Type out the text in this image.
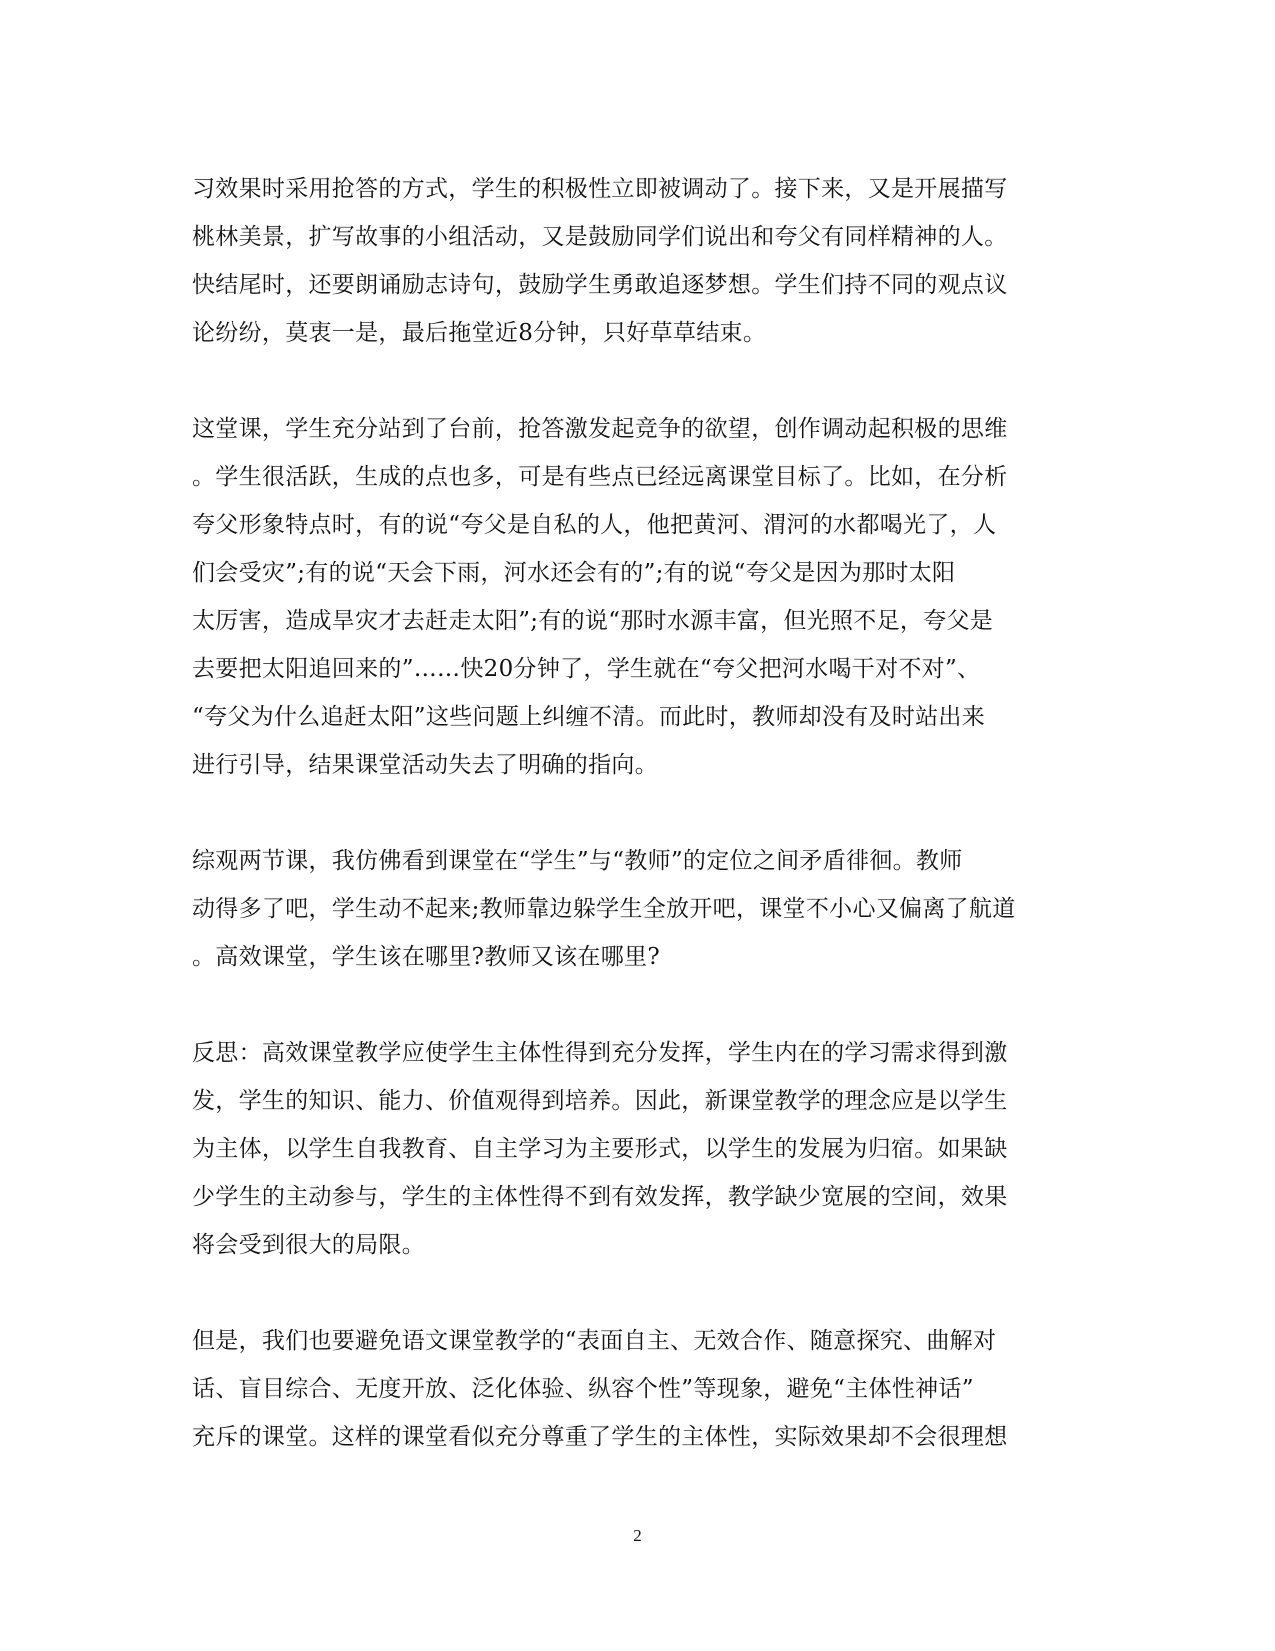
习效果时采用抢答的方式，学生的积极性立即被调动了。接下来，又是开展描写
桃林美景，扩写故事的小组活动，又是鼓励同学们说出和夸父有同样精神的人。
快结尾时，还要朗诵励志诗句，鼓励学生勇敢追逐梦想。学生们持不同的观点议
论纷纷，莫衷一是，最后拖堂近8分钟，只好草草结束。

这堂课，学生充分站到了台前，抢答激发起竞争的欲望，创作调动起积极的思维
。学生很活跃，生成的点也多，可是有些点已经远离课堂目标了。比如，在分析
夸父形象特点时，有的说“夸父是自私的人，他把黄河、渭河的水都喝光了，人
们会受灾”;有的说“天会下雨，河水还会有的”;有的说“夸父是因为那时太阳
太厉害，造成旱灾才去赶走太阳”;有的说“那时水源丰富，但光照不足，夸父是
去要把太阳追回来的”……快20分钟了，学生就在“夸父把河水喝干对不对”、
“夸父为什么追赶太阳”这些问题上纠缠不清。而此时，教师却没有及时站出来
进行引导，结果课堂活动失去了明确的指向。

综观两节课，我仿佛看到课堂在“学生”与“教师”的定位之间矛盾徘徊。教师
动得多了吧，学生动不起来;教师靠边躲学生全放开吧，课堂不小心又偏离了航道
。高效课堂，学生该在哪里?教师又该在哪里?

反思：高效课堂教学应使学生主体性得到充分发挥，学生内在的学习需求得到激
发，学生的知识、能力、价值观得到培养。因此，新课堂教学的理念应是以学生
为主体，以学生自我教育、自主学习为主要形式，以学生的发展为归宿。如果缺
少学生的主动参与，学生的主体性得不到有效发挥，教学缺少宽展的空间，效果
将会受到很大的局限。

但是，我们也要避免语文课堂教学的“表面自主、无效合作、随意探究、曲解对
话、盲目综合、无度开放、泛化体验、纵容个性”等现象，避免“主体性神话”
充斥的课堂。这样的课堂看似充分尊重了学生的主体性，实际效果却不会很理想

2
